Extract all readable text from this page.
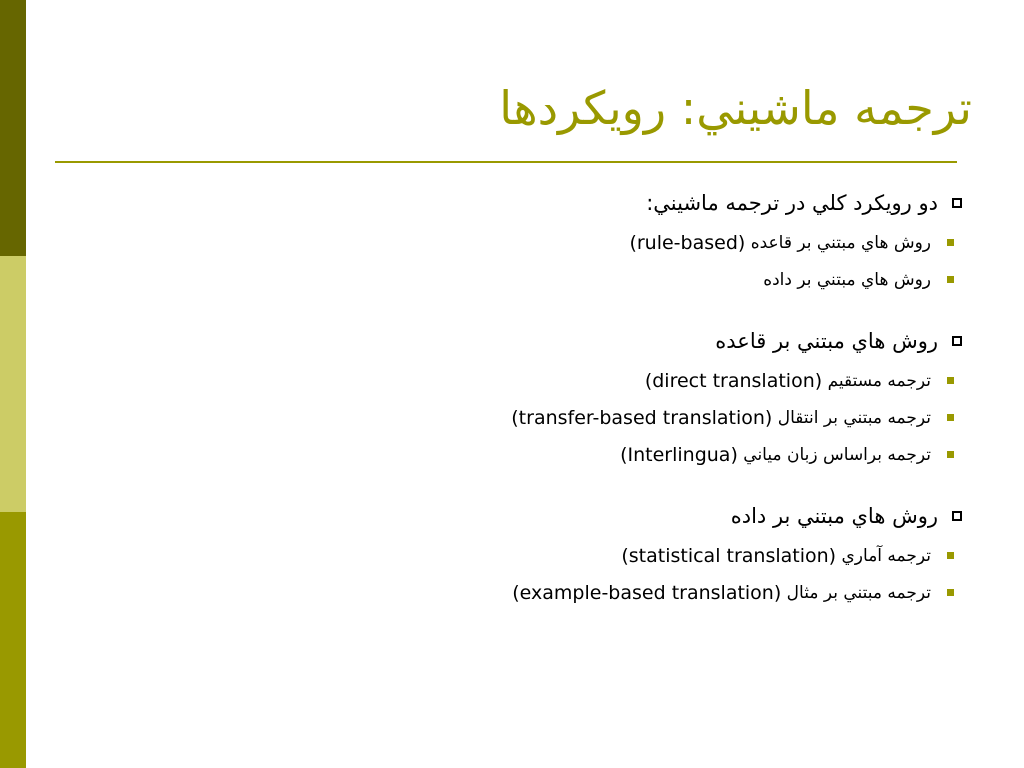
ترجمه ماشيني: رويكردها
دو رويكرد كلي در ترجمه ماشيني:
روش هاي مبتني بر قاعده

(rule-based)
روش هاي مبتني بر داده
روش هاي مبتني بر قاعده
ترجمه مستقيم

(direct translation)
ترجمه مبتني بر انتقال

(transfer-based translation)
ترجمه براساس زبان مياني

(Interlingua)
روش هاي مبتني بر داده
ترجمه آماري

(statistical translation)
ترجمه مبتني بر مثال

(example-based translation)
